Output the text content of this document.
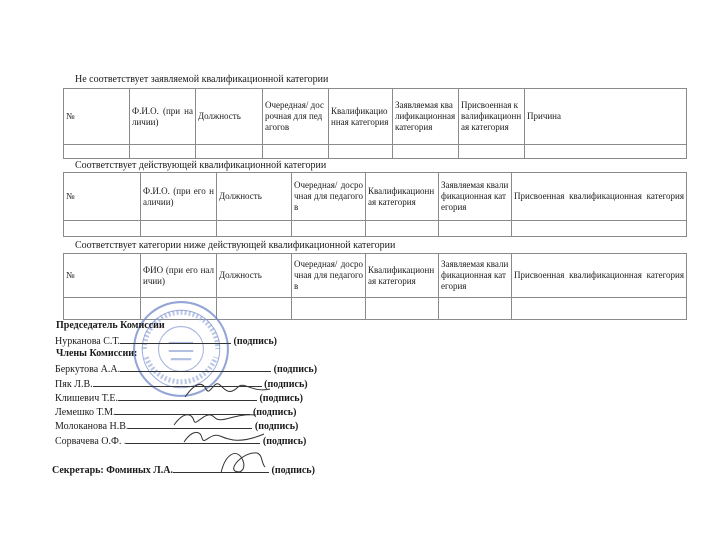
Не соответствует заявляемой квалификационной категории
№	Ф.И.О. (при наличии)	Должность	Очередная/ досрочная для педагогов	Квалификационная категория	Заявляемая квалификационная категория	Присвоенная квалификационная категория	Причина

Соответствует действующей квалификационной категории
№	Ф.И.О. (при его наличии)	Должность	Очередная/ досрочная для педагогов	Квалификационная категория	Заявляемая квалификационная категория	Присвоенная квалификационная категория

Соответствует категории ниже действующей квалификационной категории
№	ФИО (при его наличии)	Должность	Очередная/ досрочная для педагогов	Квалификационная категория	Заявляемая квалификационная категория	Присвоенная квалификационная категория

Председатель Комиссии
Нурканова С.Т.	(подпись)
Члены Комиссии:
Беркутова А.А.	(подпись)
Пяк Л.В.	(подпись)
Клишевич Т.Е.	(подпись)
Лемешко Т.М.	(подпись)
Молоканова Н.В.	(подпись)
Сорвачева О.Ф. .	(подпись)
Секретарь: Фоминых Л.А.	(подпись)
